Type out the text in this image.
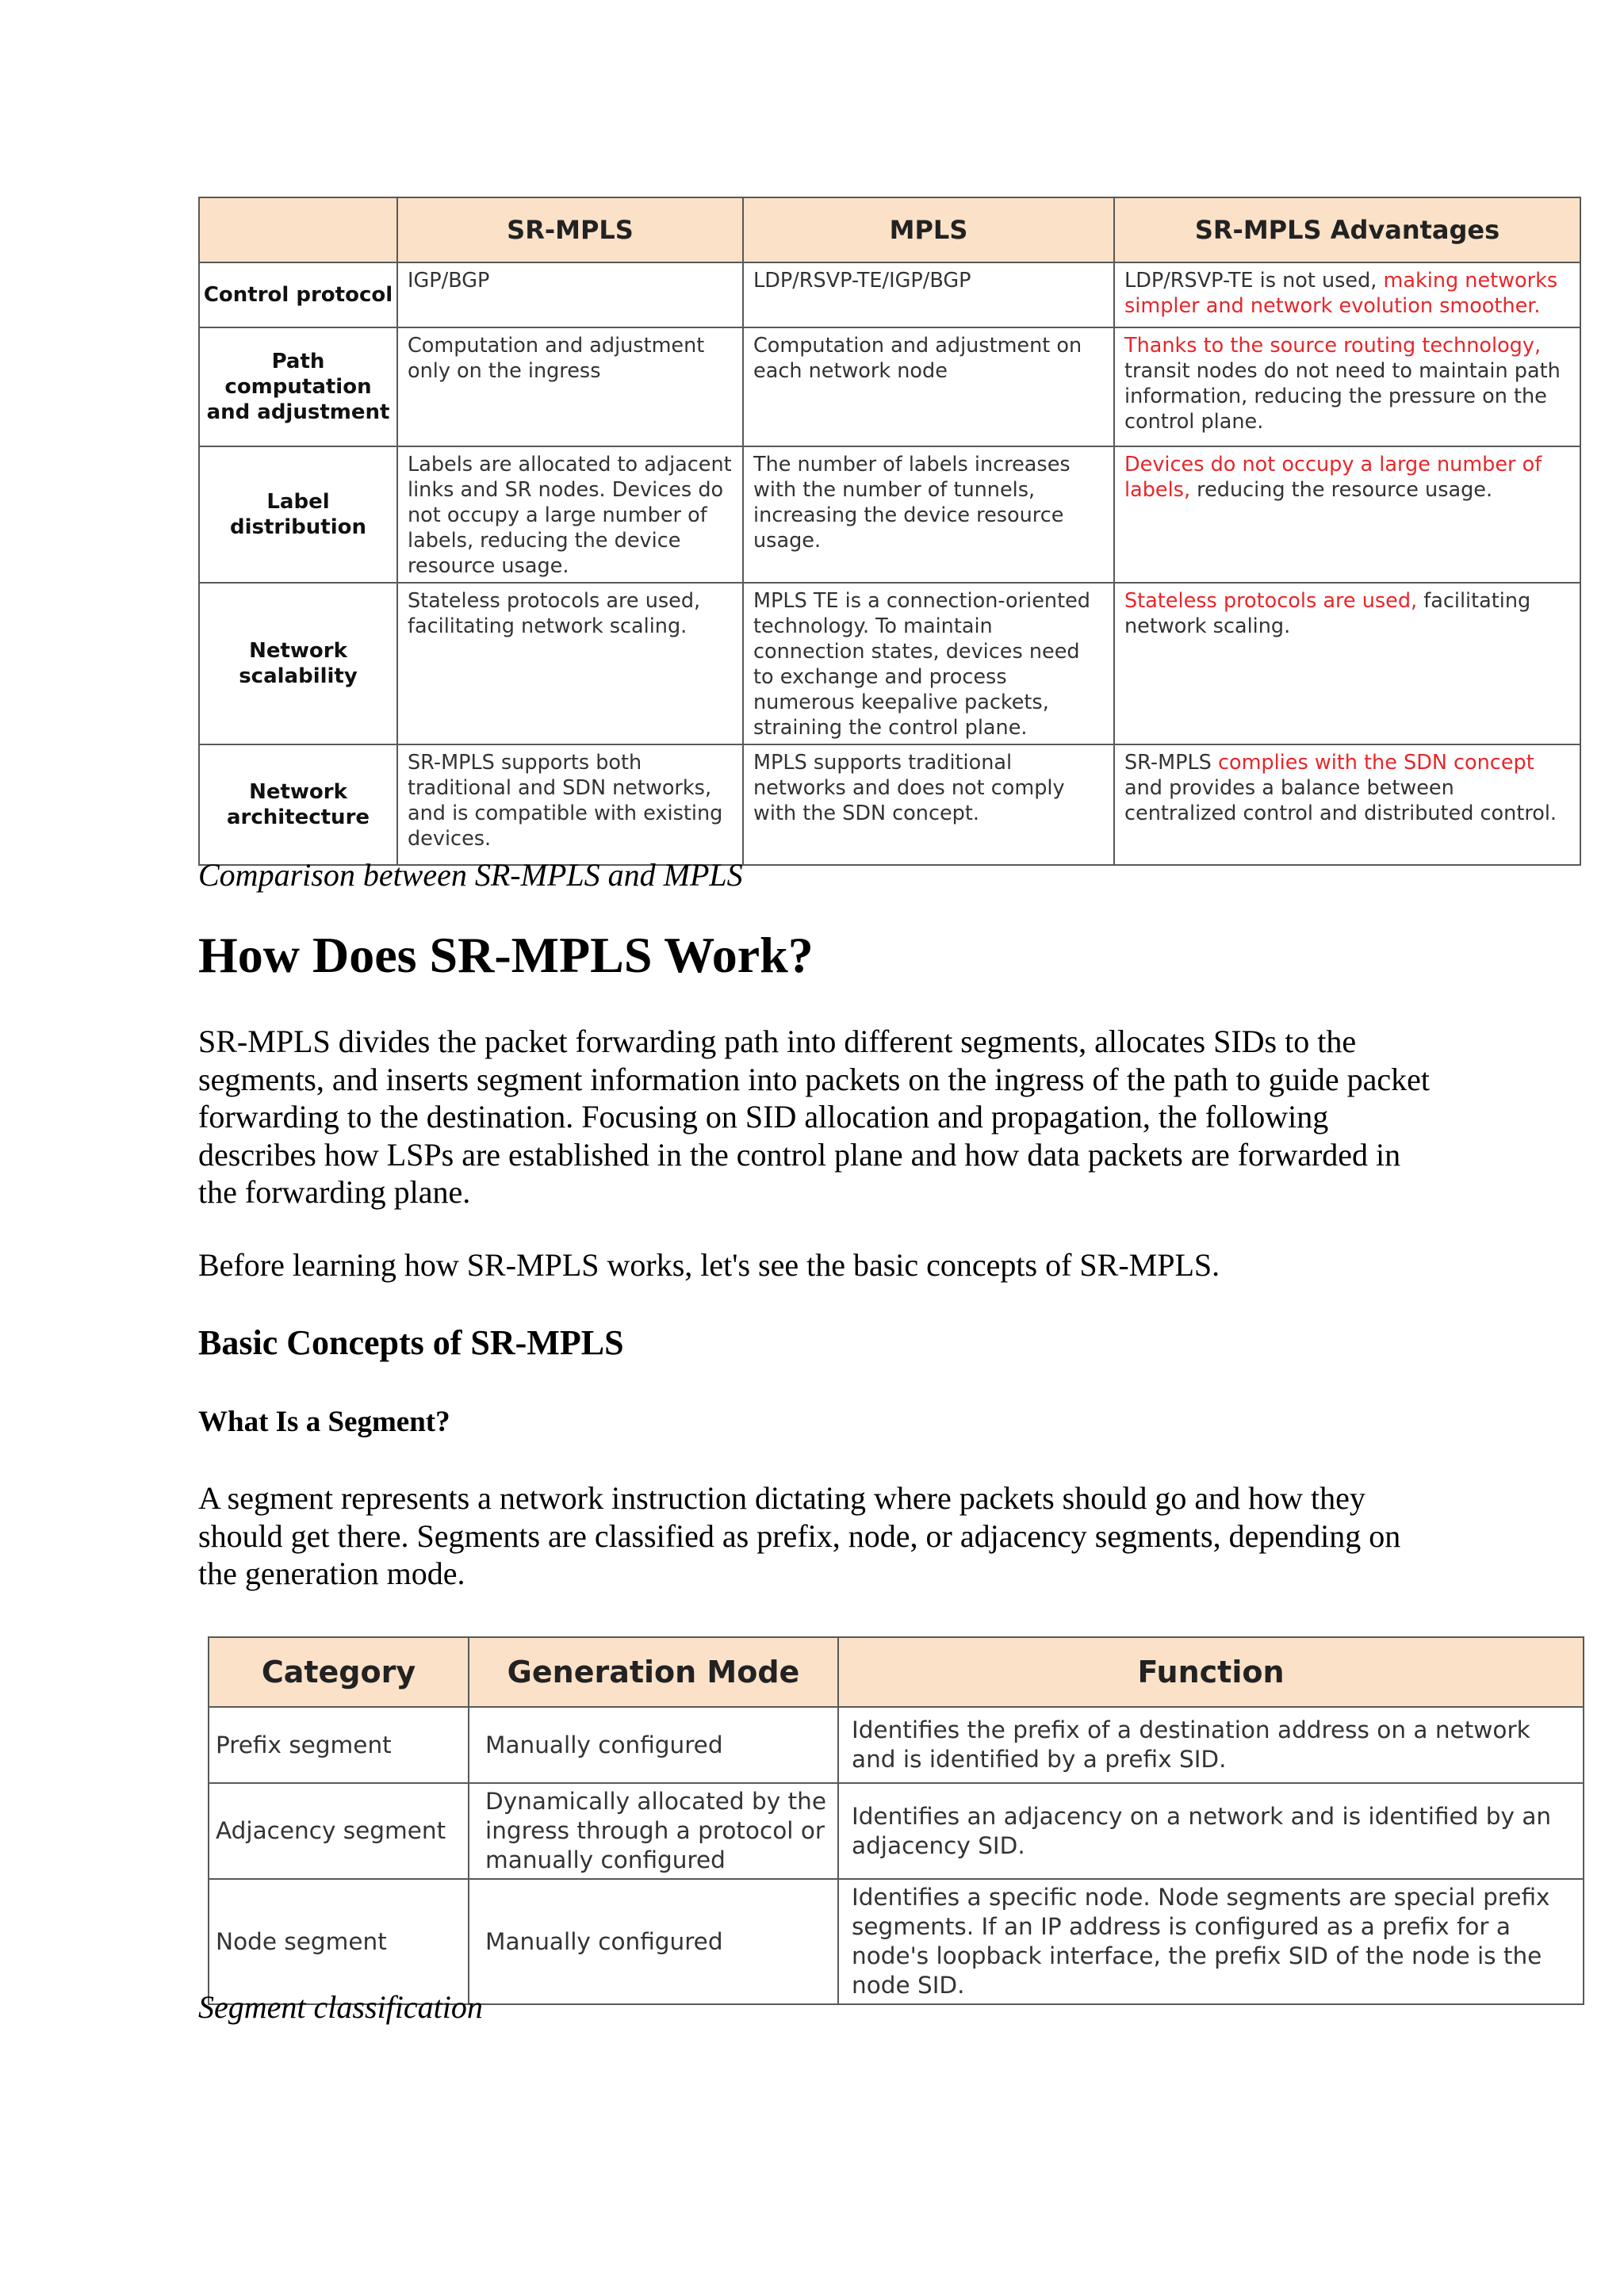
	SR-MPLS	MPLS	SR-MPLS Advantages
Control protocol	IGP/BGP	LDP/RSVP-TE/IGP/BGP	LDP/RSVP-TE is not used, making networks simpler and network evolution smoother.
Path computation and adjustment	Computation and adjustment only on the ingress	Computation and adjustment on each network node	Thanks to the source routing technology, transit nodes do not need to maintain path information, reducing the pressure on the control plane.
Label distribution	Labels are allocated to adjacent links and SR nodes. Devices do not occupy a large number of labels, reducing the device resource usage.	The number of labels increases with the number of tunnels, increasing the device resource usage.	Devices do not occupy a large number of labels, reducing the resource usage.
Network scalability	Stateless protocols are used, facilitating network scaling.	MPLS TE is a connection-oriented technology. To maintain connection states, devices need to exchange and process numerous keepalive packets, straining the control plane.	Stateless protocols are used, facilitating network scaling.
Network architecture	SR-MPLS supports both traditional and SDN networks, and is compatible with existing devices.	MPLS supports traditional networks and does not comply with the SDN concept.	SR-MPLS complies with the SDN concept and provides a balance between centralized control and distributed control.
Comparison between SR-MPLS and MPLS
How Does SR-MPLS Work?

SR-MPLS divides the packet forwarding path into different segments, allocates SIDs to the segments, and inserts segment information into packets on the ingress of the path to guide packet forwarding to the destination. Focusing on SID allocation and propagation, the following describes how LSPs are established in the control plane and how data packets are forwarded in the forwarding plane.

Before learning how SR-MPLS works, let's see the basic concepts of SR-MPLS.

Basic Concepts of SR-MPLS
What Is a Segment?

A segment represents a network instruction dictating where packets should go and how they should get there. Segments are classified as prefix, node, or adjacency segments, depending on the generation mode.

Category	Generation Mode	Function
Prefix segment	Manually configured	Identifies the prefix of a destination address on a network and is identified by a prefix SID.
Adjacency segment	Dynamically allocated by the ingress through a protocol or manually configured	Identifies an adjacency on a network and is identified by an adjacency SID.
Node segment	Manually configured	Identifies a specific node. Node segments are special prefix segments. If an IP address is configured as a prefix for a node's loopback interface, the prefix SID of the node is the node SID.
Segment classification
